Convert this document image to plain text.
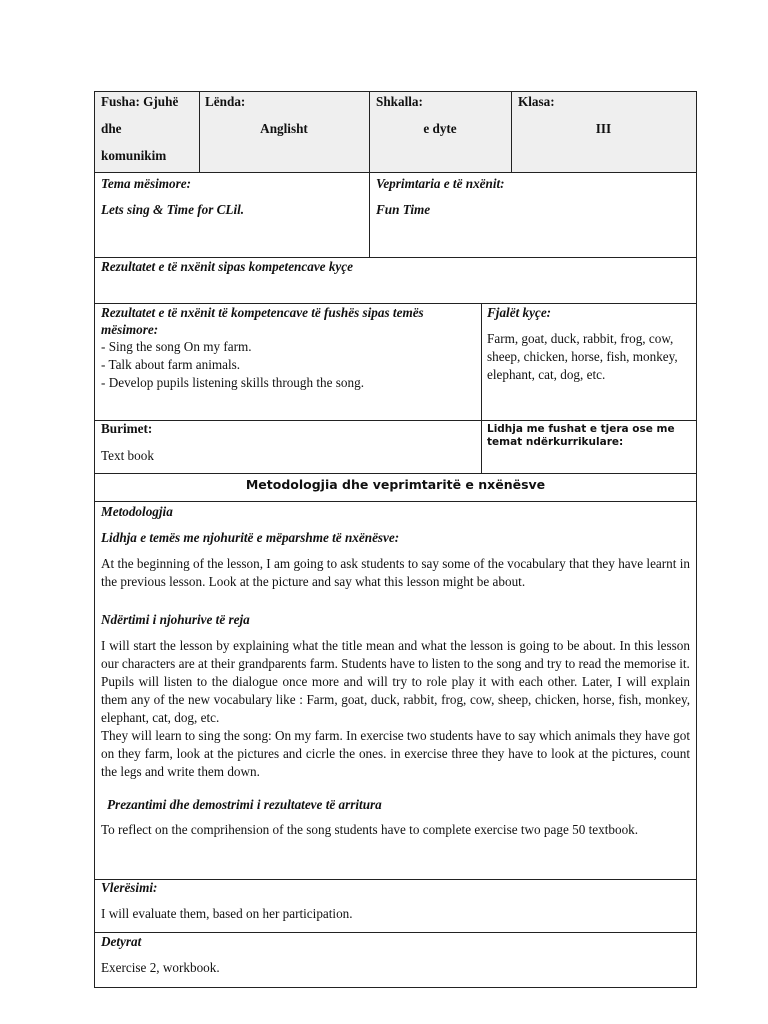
Fusha: Gjuhë
dhe
komunikim
Lënda:
Anglisht
Shkalla:
e dyte
Klasa:
III
Tema mësimore:
Lets sing & Time for CLil.
Veprimtaria e të nxënit:
Fun Time
Rezultatet e të nxënit sipas kompetencave kyçe
Rezultatet e të nxënit të kompetencave të fushës sipas temës mësimore:
- Sing the song On my farm.
- Talk about farm animals.
- Develop pupils listening skills through the song.
Fjalët kyçe:
Farm, goat, duck, rabbit, frog, cow, sheep, chicken, horse, fish, monkey, elephant, cat, dog, etc.
Burimet:
Text book
Lidhja me fushat e tjera ose me temat ndërkurrikulare:
Metodologjia dhe veprimtaritë e nxënësve
Metodologjia
Lidhja e temës me njohuritë e mëparshme të nxënësve:

At the beginning of the lesson, I am going to ask students to say some of the vocabulary that they have learnt in the previous lesson. Look at the picture and say what this lesson might be about.

Ndërtimi i njohurive të reja

I will start the lesson by explaining what the title mean and what the lesson is going to be about. In this lesson our characters are at their grandparents farm. Students have to listen to the song and try to read the memorise it.

Pupils will listen to the dialogue once more and will try to role play it with each other. Later, I will explain them any of the new vocabulary like : Farm, goat, duck, rabbit, frog, cow, sheep, chicken, horse, fish, monkey, elephant, cat, dog, etc.

They will learn to sing the song: On my farm. In exercise two students have to say which animals they have got on they farm, look at the pictures and cicrle the ones. in exercise three they have to look at the pictures, count the legs and write them down.

Prezantimi dhe demostrimi i rezultateve të arritura

To reflect on the comprihension of the song students have to complete exercise two page 50 textbook.

Vlerësimi:
I will evaluate them, based on her participation.
Detyrat
Exercise 2, workbook.
